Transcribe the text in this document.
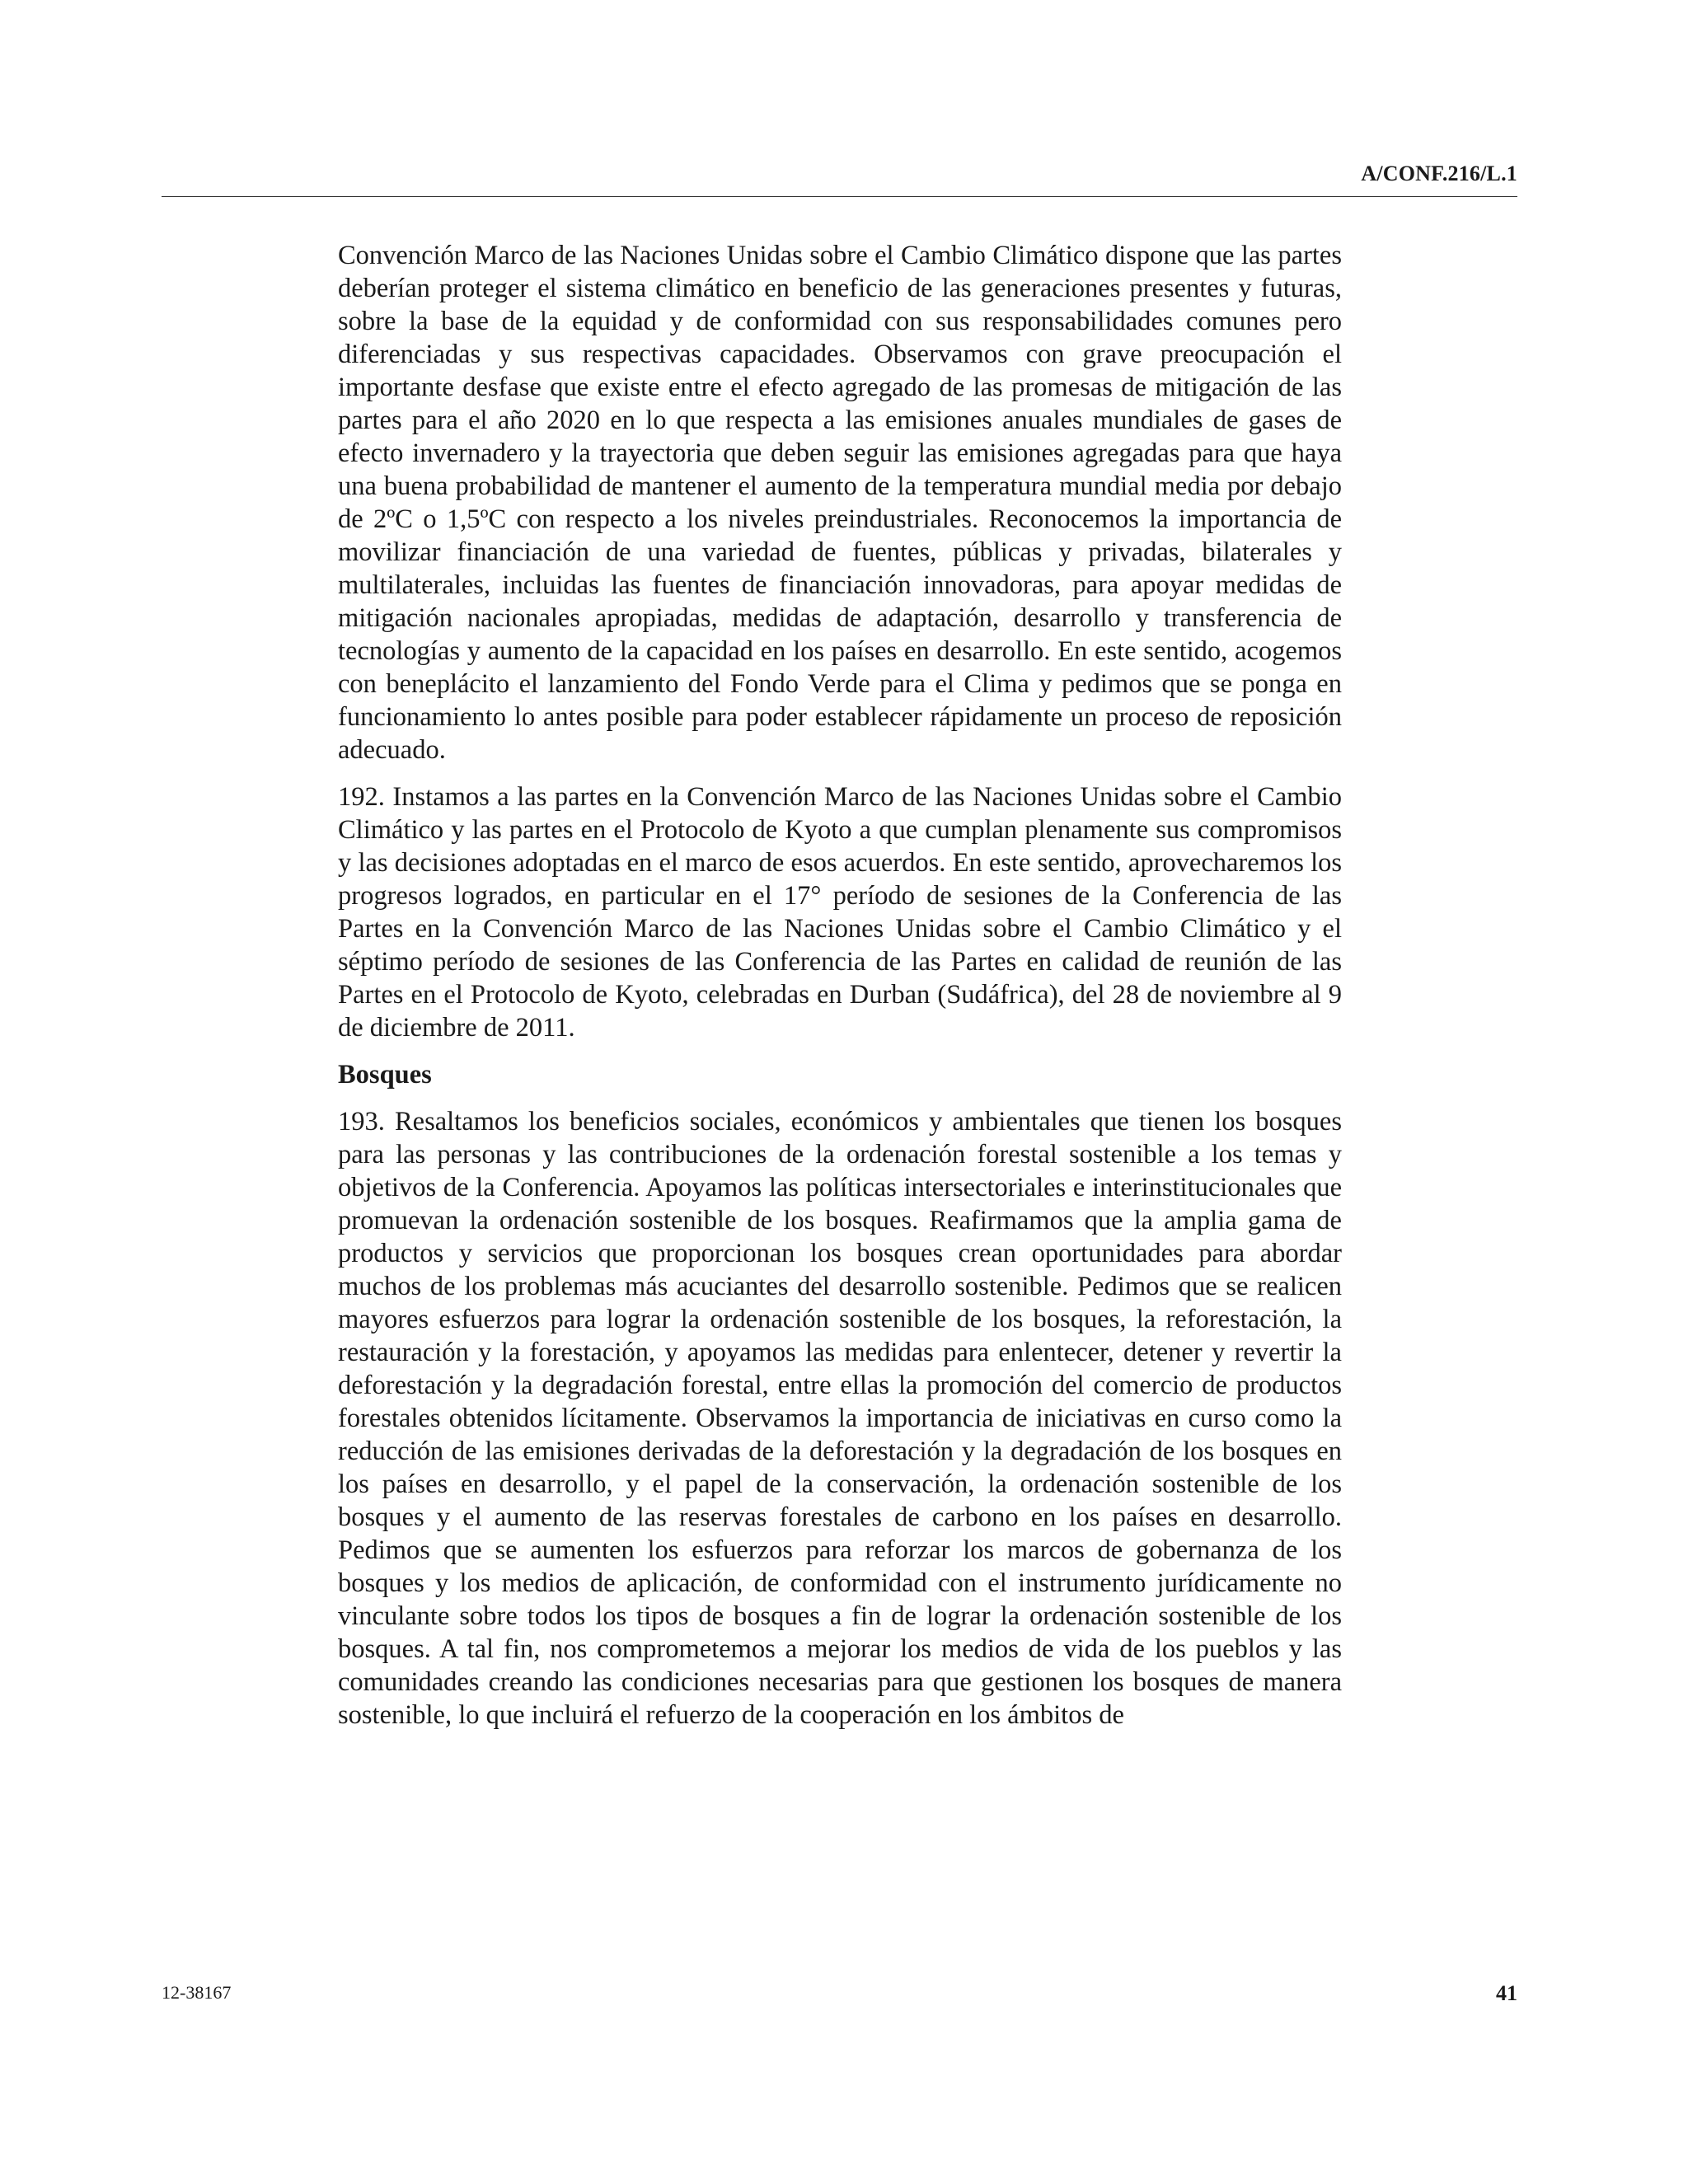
A/CONF.216/L.1

Convención Marco de las Naciones Unidas sobre el Cambio Climático dispone que las partes deberían proteger el sistema climático en beneficio de las generaciones presentes y futuras, sobre la base de la equidad y de conformidad con sus responsabilidades comunes pero diferenciadas y sus respectivas capacidades. Observamos con grave preocupación el importante desfase que existe entre el efecto agregado de las promesas de mitigación de las partes para el año 2020 en lo que respecta a las emisiones anuales mundiales de gases de efecto invernadero y la trayectoria que deben seguir las emisiones agregadas para que haya una buena probabilidad de mantener el aumento de la temperatura mundial media por debajo de 2ºC o 1,5ºC con respecto a los niveles preindustriales. Reconocemos la importancia de movilizar financiación de una variedad de fuentes, públicas y privadas, bilaterales y multilaterales, incluidas las fuentes de financiación innovadoras, para apoyar medidas de mitigación nacionales apropiadas, medidas de adaptación, desarrollo y transferencia de tecnologías y aumento de la capacidad en los países en desarrollo. En este sentido, acogemos con beneplácito el lanzamiento del Fondo Verde para el Clima y pedimos que se ponga en funcionamiento lo antes posible para poder establecer rápidamente un proceso de reposición adecuado.

192. Instamos a las partes en la Convención Marco de las Naciones Unidas sobre el Cambio Climático y las partes en el Protocolo de Kyoto a que cumplan plenamente sus compromisos y las decisiones adoptadas en el marco de esos acuerdos. En este sentido, aprovecharemos los progresos logrados, en particular en el 17° período de sesiones de la Conferencia de las Partes en la Convención Marco de las Naciones Unidas sobre el Cambio Climático y el séptimo período de sesiones de las Conferencia de las Partes en calidad de reunión de las Partes en el Protocolo de Kyoto, celebradas en Durban (Sudáfrica), del 28 de noviembre al 9 de diciembre de 2011.

Bosques

193. Resaltamos los beneficios sociales, económicos y ambientales que tienen los bosques para las personas y las contribuciones de la ordenación forestal sostenible a los temas y objetivos de la Conferencia. Apoyamos las políticas intersectoriales e interinstitucionales que promuevan la ordenación sostenible de los bosques. Reafirmamos que la amplia gama de productos y servicios que proporcionan los bosques crean oportunidades para abordar muchos de los problemas más acuciantes del desarrollo sostenible. Pedimos que se realicen mayores esfuerzos para lograr la ordenación sostenible de los bosques, la reforestación, la restauración y la forestación, y apoyamos las medidas para enlentecer, detener y revertir la deforestación y la degradación forestal, entre ellas la promoción del comercio de productos forestales obtenidos lícitamente. Observamos la importancia de iniciativas en curso como la reducción de las emisiones derivadas de la deforestación y la degradación de los bosques en los países en desarrollo, y el papel de la conservación, la ordenación sostenible de los bosques y el aumento de las reservas forestales de carbono en los países en desarrollo. Pedimos que se aumenten los esfuerzos para reforzar los marcos de gobernanza de los bosques y los medios de aplicación, de conformidad con el instrumento jurídicamente no vinculante sobre todos los tipos de bosques a fin de lograr la ordenación sostenible de los bosques. A tal fin, nos comprometemos a mejorar los medios de vida de los pueblos y las comunidades creando las condiciones necesarias para que gestionen los bosques de manera sostenible, lo que incluirá el refuerzo de la cooperación en los ámbitos de

12-38167	41
